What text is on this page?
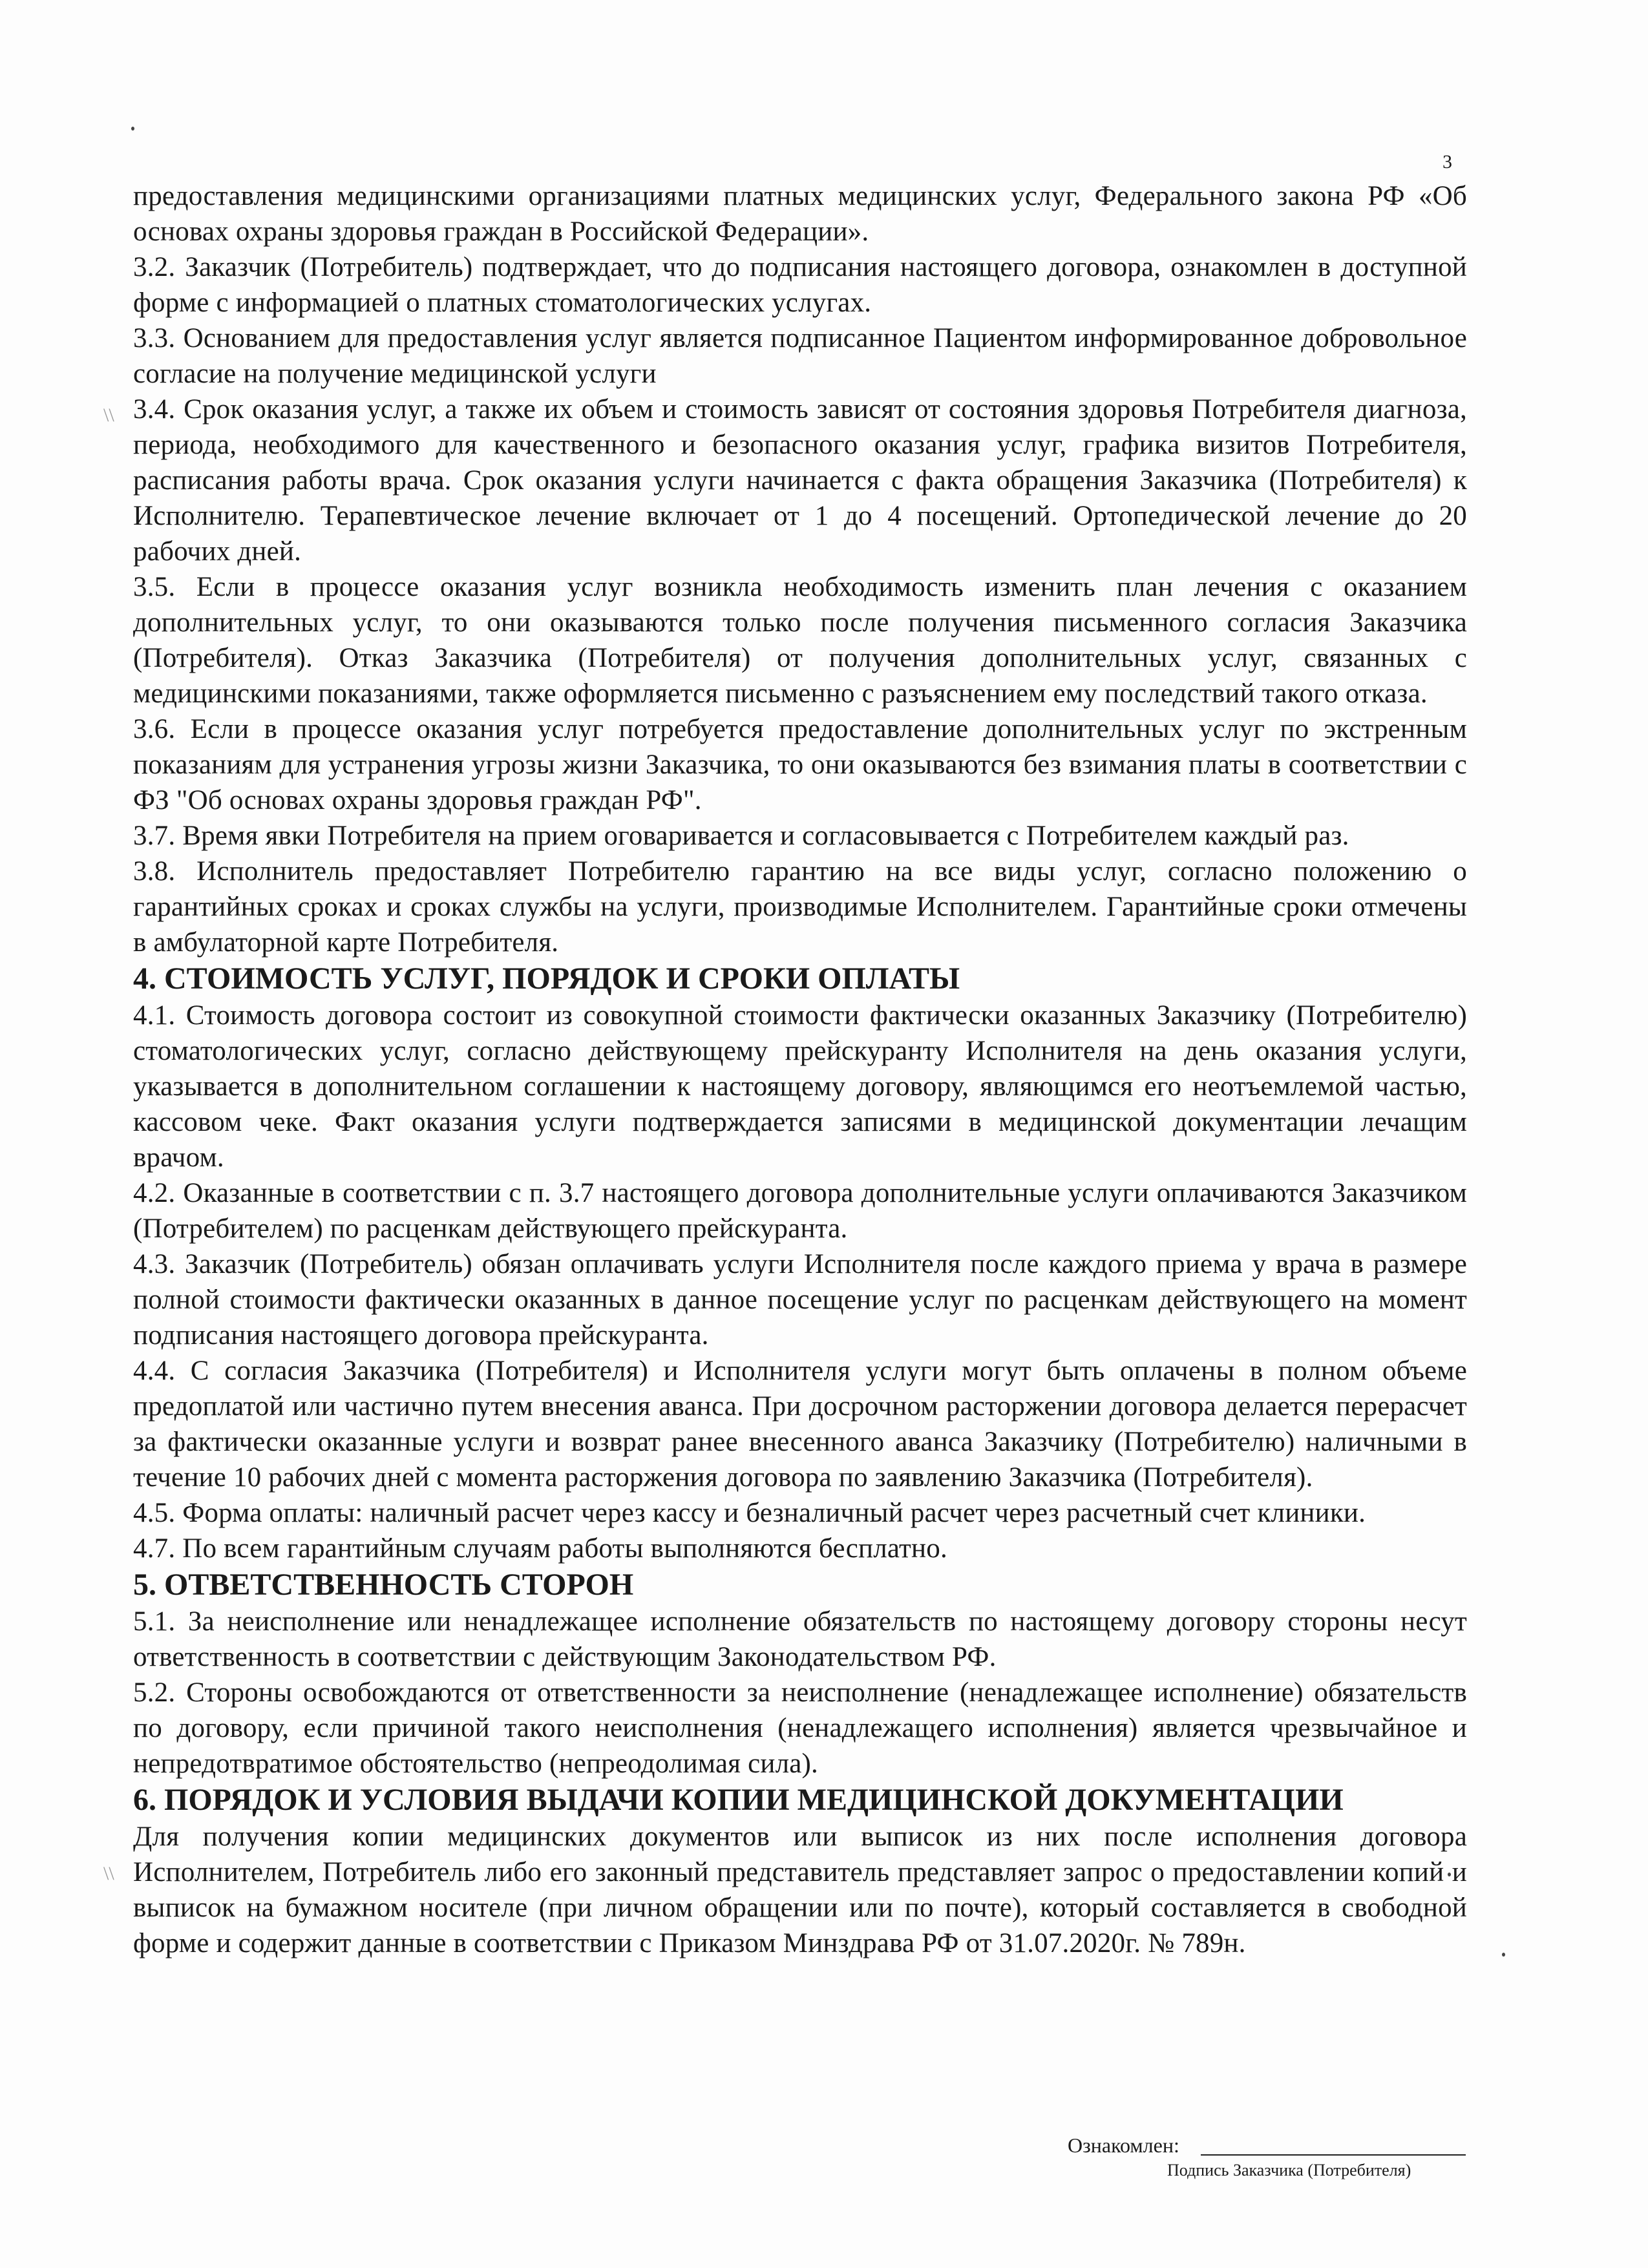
3
\\
\\

предоставления медицинскими организациями платных медицинских услуг, Федерального закона РФ «Об основах охраны здоровья граждан в Российской Федерации».

3.2. Заказчик (Потребитель) подтверждает, что до подписания настоящего договора, ознакомлен в доступной форме с информацией о платных стоматологических услугах.

3.3. Основанием для предоставления услуг является подписанное Пациентом информированное добровольное согласие на получение медицинской услуги

3.4. Срок оказания услуг, а также их объем и стоимость зависят от состояния здоровья Потребителя диагноза, периода, необходимого для качественного и безопасного оказания услуг, графика визитов Потребителя, расписания работы врача. Срок оказания услуги начинается с факта обращения Заказчика (Потребителя) к Исполнителю. Терапевтическое лечение включает от 1 до 4 посещений. Ортопедической лечение до 20 рабочих дней.

3.5. Если в процессе оказания услуг возникла необходимость изменить план лечения с оказанием дополнительных услуг, то они оказываются только после получения письменного согласия Заказчика (Потребителя). Отказ Заказчика (Потребителя) от получения дополнительных услуг, связанных с медицинскими показаниями, также оформляется письменно с разъяснением ему последствий такого отказа.

3.6. Если в процессе оказания услуг потребуется предоставление дополнительных услуг по экстренным показаниям для устранения угрозы жизни Заказчика, то они оказываются без взимания платы в соответствии с ФЗ "Об основах охраны здоровья граждан РФ".

3.7. Время явки Потребителя на прием оговаривается и согласовывается с Потребителем каждый раз.

3.8. Исполнитель предоставляет Потребителю гарантию на все виды услуг, согласно положению о гарантийных сроках и сроках службы на услуги, производимые Исполнителем. Гарантийные сроки отмечены в амбулаторной карте Потребителя.

4. СТОИМОСТЬ УСЛУГ, ПОРЯДОК И СРОКИ ОПЛАТЫ

4.1. Стоимость договора состоит из совокупной стоимости фактически оказанных Заказчику (Потребителю) стоматологических услуг, согласно действующему прейскуранту Исполнителя на день оказания услуги, указывается в дополнительном соглашении к настоящему договору, являющимся его неотъемлемой частью, кассовом чеке. Факт оказания услуги подтверждается записями в медицинской документации лечащим врачом.

4.2. Оказанные в соответствии с п. 3.7 настоящего договора дополнительные услуги оплачиваются Заказчиком (Потребителем) по расценкам действующего прейскуранта.

4.3. Заказчик (Потребитель) обязан оплачивать услуги Исполнителя после каждого приема у врача в размере полной стоимости фактически оказанных в данное посещение услуг по расценкам действующего на момент подписания настоящего договора прейскуранта.

4.4. С согласия Заказчика (Потребителя) и Исполнителя услуги могут быть оплачены в полном объеме предоплатой или частично путем внесения аванса. При досрочном расторжении договора делается перерасчет за фактически оказанные услуги и возврат ранее внесенного аванса Заказчику (Потребителю) наличными в течение 10 рабочих дней с момента расторжения договора по заявлению Заказчика (Потребителя).

4.5. Форма оплаты: наличный расчет через кассу и безналичный расчет через расчетный счет клиники.

4.7. По всем гарантийным случаям работы выполняются бесплатно.

5. ОТВЕТСТВЕННОСТЬ СТОРОН

5.1. За неисполнение или ненадлежащее исполнение обязательств по настоящему договору стороны несут ответственность в соответствии с действующим Законодательством РФ.

5.2. Стороны освобождаются от ответственности за неисполнение (ненадлежащее исполнение) обязательств по договору, если причиной такого неисполнения (ненадлежащего исполнения) является чрезвычайное и непредотвратимое обстоятельство (непреодолимая сила).

6. ПОРЯДОК И УСЛОВИЯ ВЫДАЧИ КОПИИ МЕДИЦИНСКОЙ ДОКУМЕНТАЦИИ

Для получения копии медицинских документов или выписок из них после исполнения договора Исполнителем, Потребитель либо его законный представитель представляет запрос о предоставлении копий и выписок на бумажном носителе (при личном обращении или по почте), который составляется в свободной форме и содержит данные в соответствии с Приказом Минздрава РФ от 31.07.2020г. № 789н.

Ознакомлен:
Подпись Заказчика (Потребителя)
